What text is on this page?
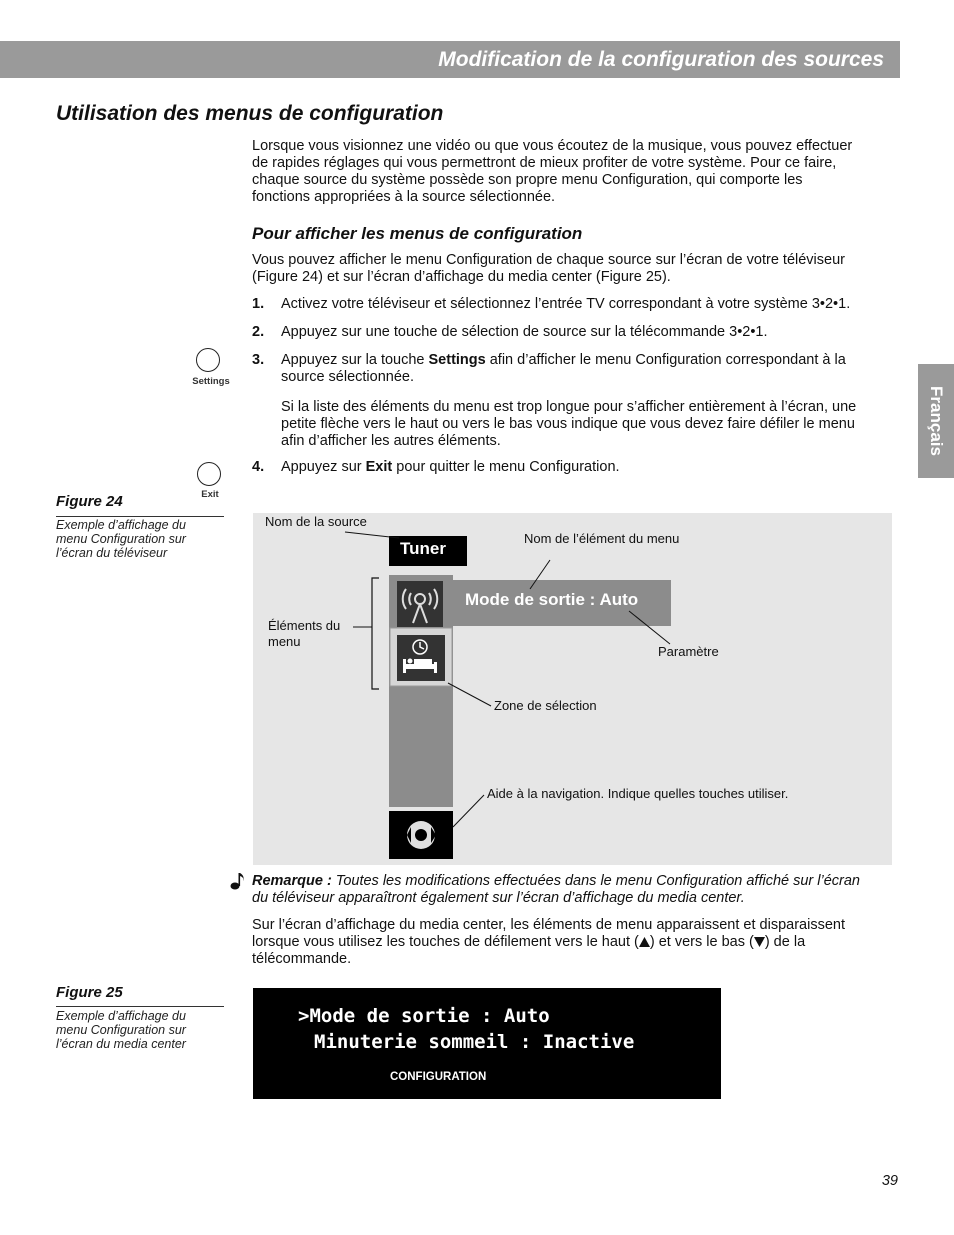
Modification de la configuration des sources
Utilisation des menus de configuration
Lorsque vous visionnez une vidéo ou que vous écoutez de la musique, vous pouvez effectuer
de rapides réglages qui vous permettront de mieux profiter de votre système. Pour ce faire,
chaque source du système possède son propre menu Configuration, qui comporte les
fonctions appropriées à la source sélectionnée.
Pour afficher les menus de configuration
Vous pouvez afficher le menu Configuration de chaque source sur l’écran de votre téléviseur
(Figure 24) et sur l’écran d’affichage du media center (Figure 25).
1. Activez votre téléviseur et sélectionnez l’entrée TV correspondant à votre système 3•2•1.
2. Appuyez sur une touche de sélection de source sur la télécommande 3•2•1.
3. Appuyez sur la touche Settings afin d’afficher le menu Configuration correspondant à la
source sélectionnée.
Si la liste des éléments du menu est trop longue pour s’afficher entièrement à l’écran, une
petite flèche vers le haut ou vers le bas vous indique que vous devez faire défiler le menu
afin d’afficher les autres éléments.
4. Appuyez sur Exit pour quitter le menu Configuration.
Settings
Exit
Français
Figure 24
Exemple d’affichage du
menu Configuration sur
l’écran du téléviseur	Tuner
Mode de sortie : Auto
Nom de la source
Nom de l’élément du menu
Éléments du
menu
Paramètre
Zone de sélection
Aide à la navigation. Indique quelles touches utiliser.
Remarque : Toutes les modifications effectuées dans le menu Configuration affiché sur l’écran
du téléviseur apparaîtront également sur l’écran d’affichage du media center.
Sur l’écran d’affichage du media center, les éléments de menu apparaissent et disparaissent
lorsque vous utilisez les touches de défilement vers le haut ( ) et vers le bas ( ) de la
télécommande.
Figure 25
Exemple d’affichage du
menu Configuration sur
l’écran du media center
>Mode de sortie : Auto
Minuterie sommeil : Inactive
CONFIGURATION
39
